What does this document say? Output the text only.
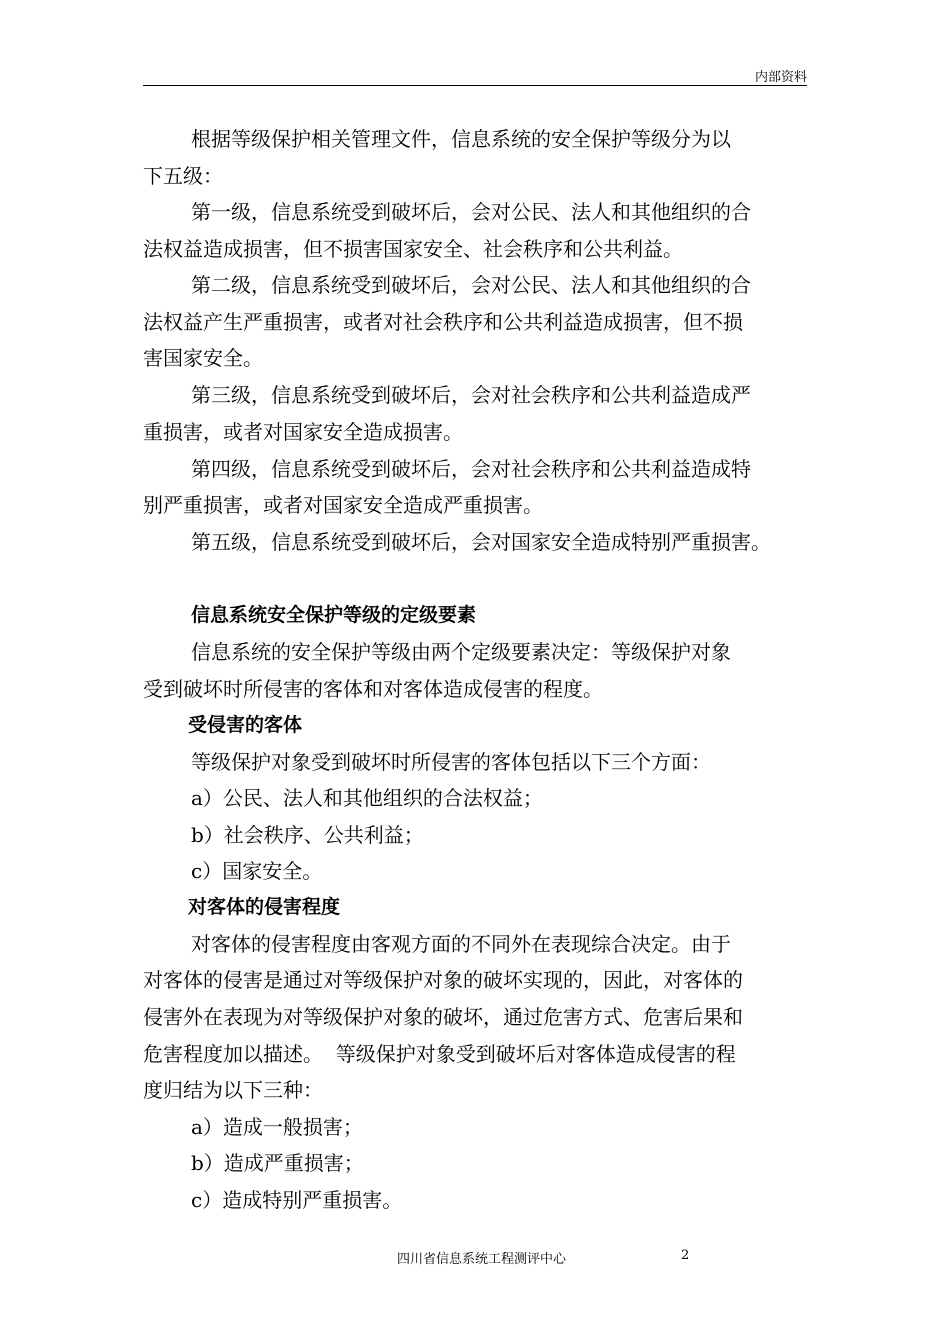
内部资料
根据等级保护相关管理文件，信息系统的安全保护等级分为以
下五级：
第一级，信息系统受到破坏后，会对公民、法人和其他组织的合
法权益造成损害，但不损害国家安全、社会秩序和公共利益。
第二级，信息系统受到破坏后，会对公民、法人和其他组织的合
法权益产生严重损害，或者对社会秩序和公共利益造成损害，但不损
害国家安全。
第三级，信息系统受到破坏后，会对社会秩序和公共利益造成严
重损害，或者对国家安全造成损害。
第四级，信息系统受到破坏后，会对社会秩序和公共利益造成特
别严重损害，或者对国家安全造成严重损害。
第五级，信息系统受到破坏后，会对国家安全造成特别严重损害。
信息系统安全保护等级的定级要素
信息系统的安全保护等级由两个定级要素决定：等级保护对象
受到破坏时所侵害的客体和对客体造成侵害的程度。
受侵害的客体
等级保护对象受到破坏时所侵害的客体包括以下三个方面：
a）公民、法人和其他组织的合法权益；
b）社会秩序、公共利益；
c）国家安全。
对客体的侵害程度
对客体的侵害程度由客观方面的不同外在表现综合决定。由于
对客体的侵害是通过对等级保护对象的破坏实现的，因此，对客体的
侵害外在表现为对等级保护对象的破坏，通过危害方式、危害后果和
危害程度加以描述。  等级保护对象受到破坏后对客体造成侵害的程
度归结为以下三种：
a）造成一般损害；
b）造成严重损害；
c）造成特别严重损害。
四川省信息系统工程测评中心	2
